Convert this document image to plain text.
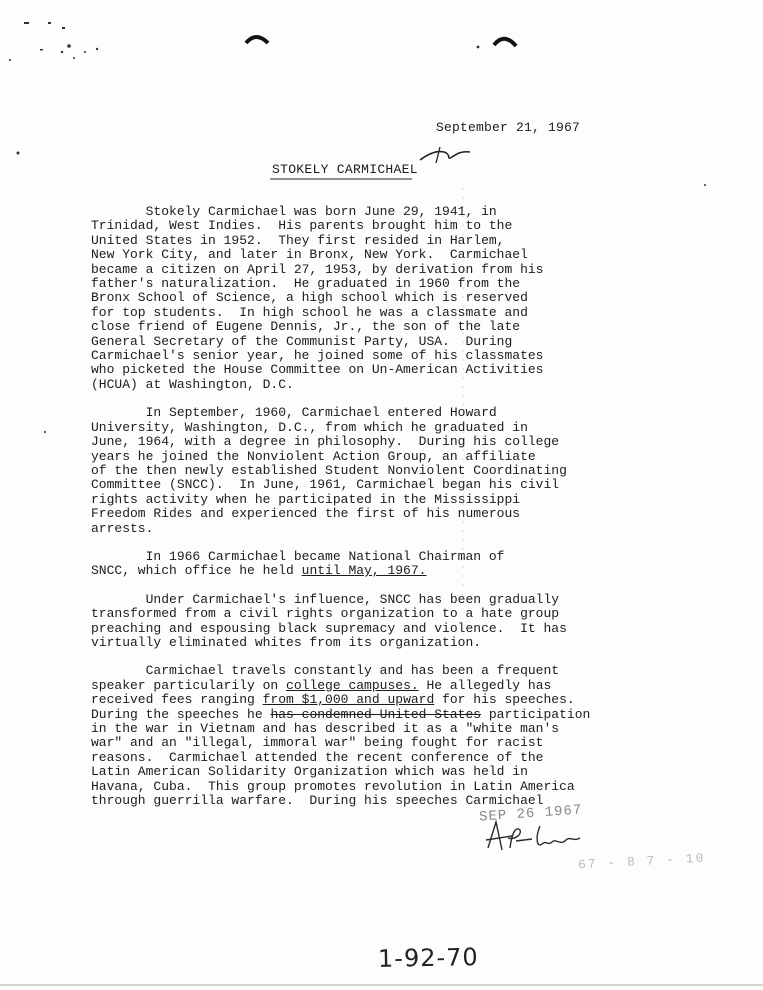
September 21, 1967
STOKELY CARMICHAEL
Stokely Carmichael was born June 29, 1941, in
Trinidad, West Indies.  His parents brought him to the
United States in 1952.  They first resided in Harlem,
New York City, and later in Bronx, New York.  Carmichael
became a citizen on April 27, 1953, by derivation from his
father's naturalization.  He graduated in 1960 from the
Bronx School of Science, a high school which is reserved
for top students.  In high school he was a classmate and
close friend of Eugene Dennis, Jr., the son of the late
General Secretary of the Communist Party, USA.  During
Carmichael's senior year, he joined some of his classmates
who picketed the House Committee on Un-American Activities
(HCUA) at Washington, D.C.
In September, 1960, Carmichael entered Howard
University, Washington, D.C., from which he graduated in
June, 1964, with a degree in philosophy.  During his college
years he joined the Nonviolent Action Group, an affiliate
of the then newly established Student Nonviolent Coordinating
Committee (SNCC).  In June, 1961, Carmichael began his civil
rights activity when he participated in the Mississippi
Freedom Rides and experienced the first of his numerous
arrests.
In 1966 Carmichael became National Chairman of
SNCC, which office he held until May, 1967.
Under Carmichael's influence, SNCC has been gradually
transformed from a civil rights organization to a hate group
preaching and espousing black supremacy and violence.  It has
virtually eliminated whites from its organization.
Carmichael travels constantly and has been a frequent
speaker particularily on college campuses. He allegedly has
received fees ranging from $1,000 and upward for his speeches.
During the speeches he has condemned United States participation
in the war in Vietnam and has described it as a "white man's
war" and an "illegal, immoral war" being fought for racist
reasons.  Carmichael attended the recent conference of the
Latin American Solidarity Organization which was held in
Havana, Cuba.  This group promotes revolution in Latin America
through guerrilla warfare.  During his speeches Carmichael
SEP 26 1967
67 - 8 7 - 10
1-92-70
